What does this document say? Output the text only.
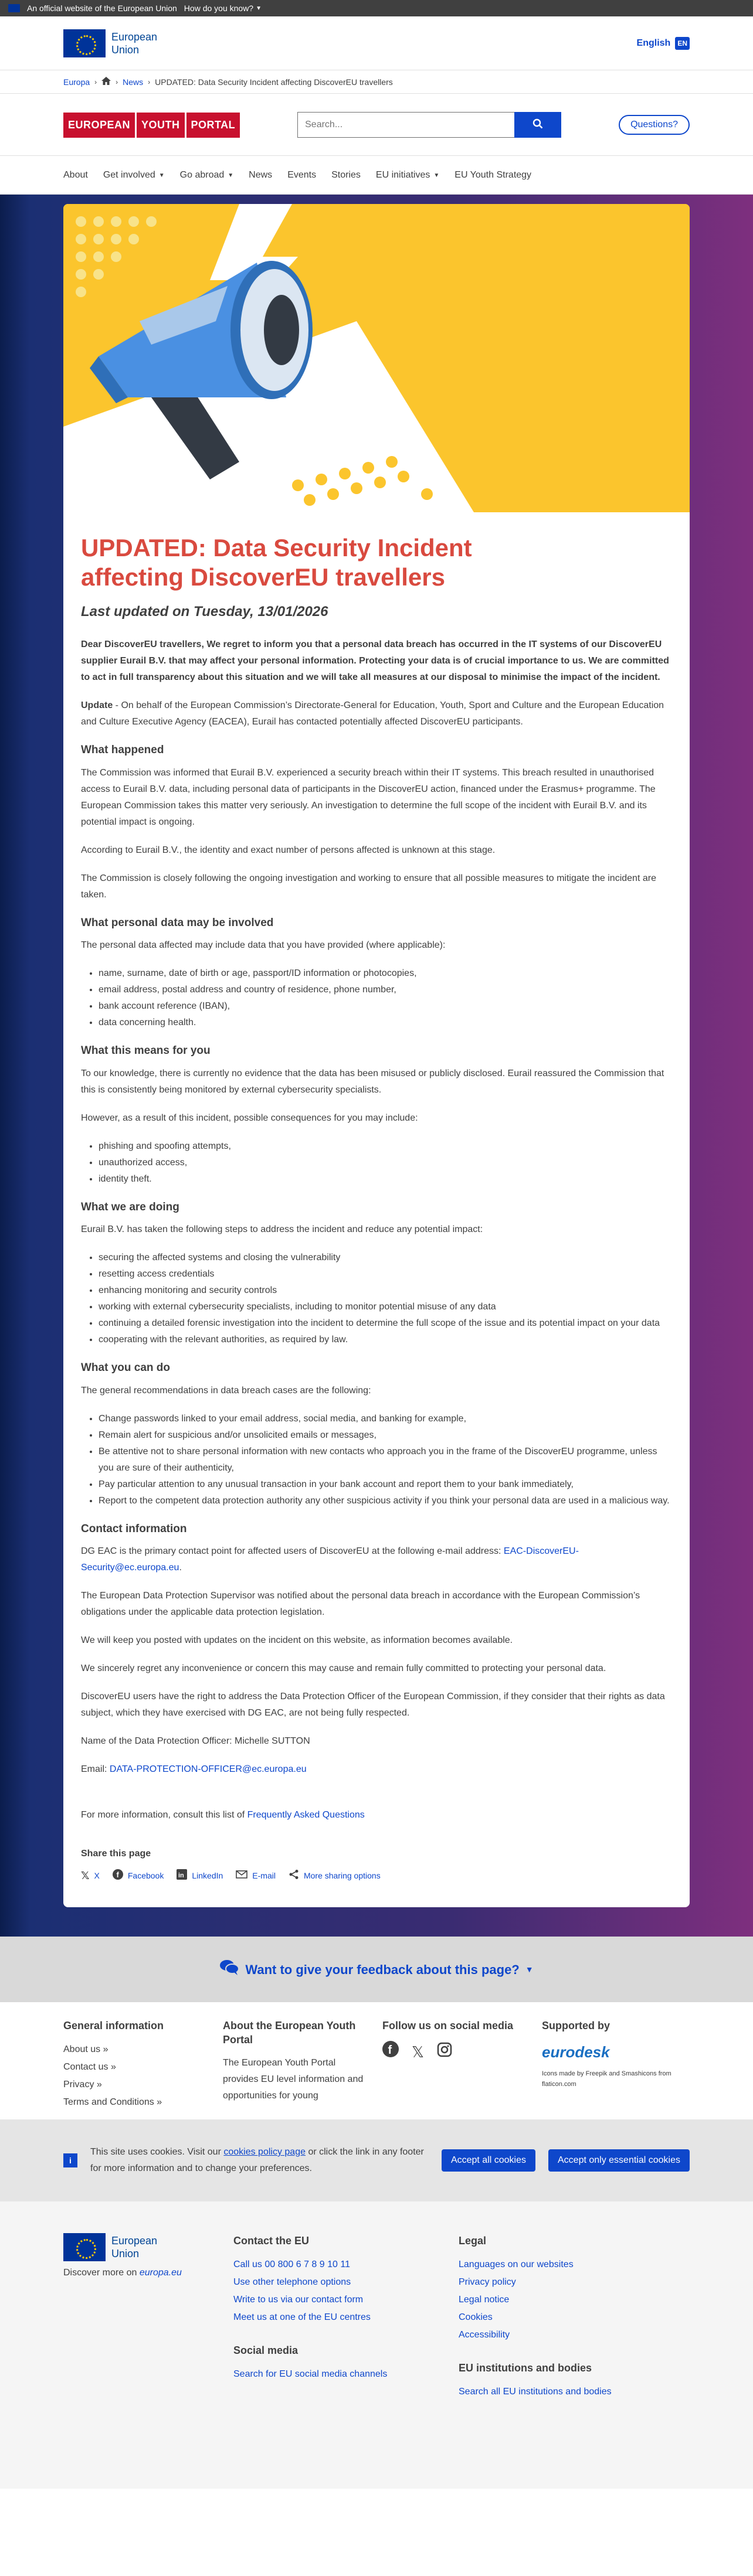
An official website of the European Union How do you know? ▼
European
Union
English	EN
Europa ›	› News › UPDATED: Data Security Incident affecting DiscoverEU travellers
EUROPEAN	YOUTH	PORTAL
Search...	Questions?
About Get involved ▼ Go abroad ▼ News Events Stories EU initiatives ▼ EU Youth Strategy
UPDATED: Data Security Incident affecting DiscoverEU travellers
Last updated on Tuesday, 13/01/2026

Dear DiscoverEU travellers, We regret to inform you that a personal data breach has occurred in the IT systems of our DiscoverEU supplier Eurail B.V. that may affect your personal information. Protecting your data is of crucial importance to us. We are committed to act in full transparency about this situation and we will take all measures at our disposal to minimise the impact of the incident.

Update - On behalf of the European Commission’s Directorate-General for Education, Youth, Sport and Culture and the European Education and Culture Executive Agency (EACEA), Eurail has contacted potentially affected DiscoverEU participants.

What happened

The Commission was informed that Eurail B.V. experienced a security breach within their IT systems. This breach resulted in unauthorised access to Eurail B.V. data, including personal data of participants in the DiscoverEU action, financed under the Erasmus+ programme. The European Commission takes this matter very seriously. An investigation to determine the full scope of the incident with Eurail B.V. and its potential impact is ongoing.

According to Eurail B.V., the identity and exact number of persons affected is unknown at this stage.

The Commission is closely following the ongoing investigation and working to ensure that all possible measures to mitigate the incident are taken.

What personal data may be involved

The personal data affected may include data that you have provided (where applicable):

• name, surname, date of birth or age, passport/ID information or photocopies,
• email address, postal address and country of residence, phone number,
• bank account reference (IBAN),
• data concerning health.
What this means for you

To our knowledge, there is currently no evidence that the data has been misused or publicly disclosed. Eurail reassured the Commission that this is consistently being monitored by external cybersecurity specialists.

However, as a result of this incident, possible consequences for you may include:

• phishing and spoofing attempts,
• unauthorized access,
• identity theft.
What we are doing

Eurail B.V. has taken the following steps to address the incident and reduce any potential impact:

• securing the affected systems and closing the vulnerability
• resetting access credentials
• enhancing monitoring and security controls
• working with external cybersecurity specialists, including to monitor potential misuse of any data
• continuing a detailed forensic investigation into the incident to determine the full scope of the issue and its potential impact on your data
• cooperating with the relevant authorities, as required by law.
What you can do

The general recommendations in data breach cases are the following:

• Change passwords linked to your email address, social media, and banking for example,
• Remain alert for suspicious and/or unsolicited emails or messages,
• Be attentive not to share personal information with new contacts who approach you in the frame of the DiscoverEU programme, unless you are sure of their authenticity,
• Pay particular attention to any unusual transaction in your bank account and report them to your bank immediately,
• Report to the competent data protection authority any other suspicious activity if you think your personal data are used in a malicious way.
Contact information

DG EAC is the primary contact point for affected users of DiscoverEU at the following e-mail address: EAC-DiscoverEU-Security@ec.europa.eu.

The European Data Protection Supervisor was notified about the personal data breach in accordance with the European Commission’s obligations under the applicable data protection legislation.

We will keep you posted with updates on the incident on this website, as information becomes available.

We sincerely regret any inconvenience or concern this may cause and remain fully committed to protecting your personal data.

DiscoverEU users have the right to address the Data Protection Officer of the European Commission, if they consider that their rights as data subject, which they have exercised with DG EAC, are not being fully respected.

Name of the Data Protection Officer: Michelle SUTTON

Email: DATA-PROTECTION-OFFICER@ec.europa.eu

For more information, consult this list of Frequently Asked Questions

Share this page
𝕏 X f Facebook in LinkedIn	E-mail	More sharing options
Want to give your feedback about this page? ▼
General information
About us »
Contact us »
Privacy »
Terms and Conditions »
About the European Youth Portal
The European Youth Portal provides EU level information and opportunities for young
Follow us on social media
f 𝕏
Supported by
eurodesk
Icons made by Freepik and Smashicons from flaticon.com
i
This site uses cookies. Visit our cookies policy page or click the link in any footer for more information and to change your preferences.
Accept all cookies	Accept only essential cookies
European
Union
Discover more on europa.eu
Contact the EU
Call us 00 800 6 7 8 9 10 11
Use other telephone options
Write to us via our contact form
Meet us at one of the EU centres
Social media
Search for EU social media channels
Legal
Languages on our websites
Privacy policy
Legal notice
Cookies
Accessibility
EU institutions and bodies
Search all EU institutions and bodies
